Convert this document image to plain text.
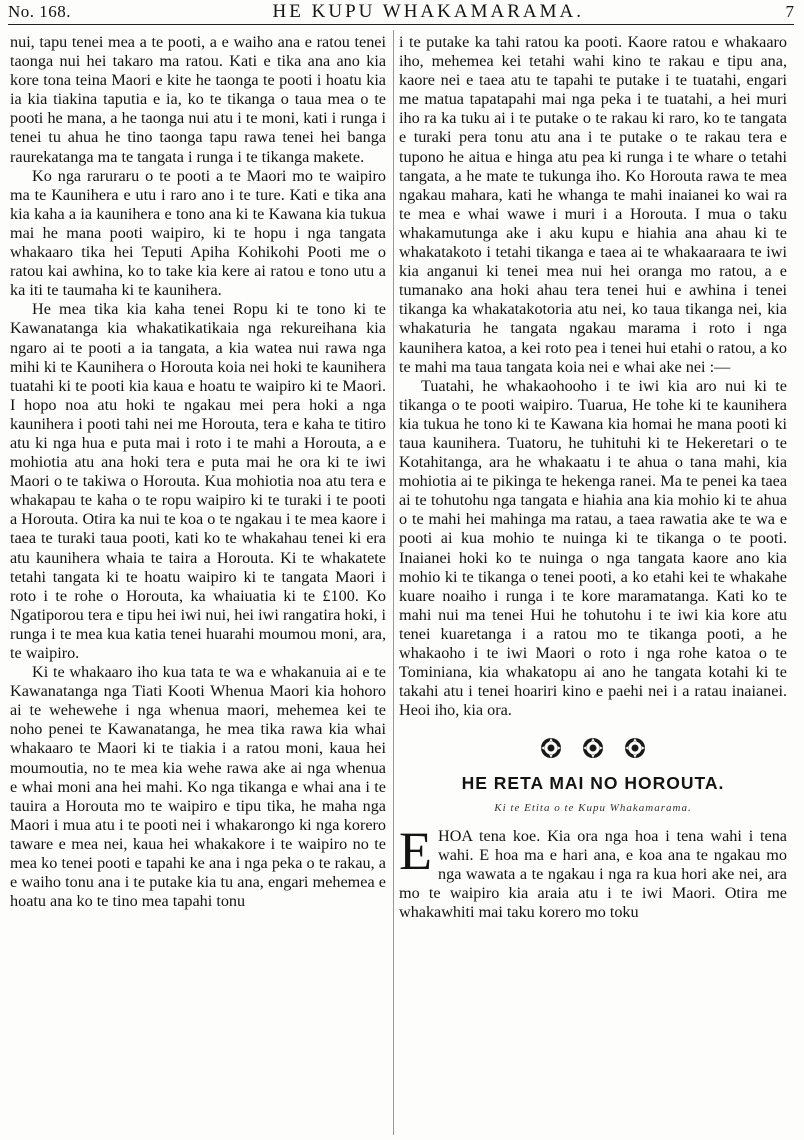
No. 168.	HE KUPU WHAKAMARAMA.	7

nui, tapu tenei mea a te pooti, a e waiho ana e ratou tenei taonga nui hei takaro ma ratou. Kati e tika ana ano kia kore tona teina Maori e kite he taonga te pooti i hoatu kia ia kia tiakina taputia e ia, ko te tikanga o taua mea o te pooti he mana, a he taonga nui atu i te moni, kati i runga i tenei tu ahua he tino taonga tapu rawa tenei hei banga raurekatanga ma te tangata i runga i te tikanga makete.

Ko nga raruraru o te pooti a te Maori mo te waipiro ma te Kaunihera e utu i raro ano i te ture. Kati e tika ana kia kaha a ia kaunihera e tono ana ki te Kawana kia tukua mai he mana pooti waipiro, ki te hopu i nga tangata whakaaro tika hei Teputi Apiha Kohikohi Pooti me o ratou kai awhina, ko to take kia kere ai ratou e tono utu a ka iti te taumaha ki te kaunihera.

He mea tika kia kaha tenei Ropu ki te tono ki te Kawanatanga kia whakatikatikaia nga rekureihana kia ngaro ai te pooti a ia tangata, a kia watea nui rawa nga mihi ki te Kaunihera o Horouta koia nei hoki te kaunihera tuatahi ki te pooti kia kaua e hoatu te waipiro ki te Maori. I hopo noa atu hoki te ngakau mei pera hoki a nga kaunihera i pooti tahi nei me Horouta, tera e kaha te titiro atu ki nga hua e puta mai i roto i te mahi a Horouta, a e mohiotia atu ana hoki tera e puta mai he ora ki te iwi Maori o te takiwa o Horouta. Kua mohiotia noa atu tera e whakapau te kaha o te ropu waipiro ki te turaki i te pooti a Horouta. Otira ka nui te koa o te ngakau i te mea kaore i taea te turaki taua pooti, kati ko te whakahau tenei ki era atu kaunihera whaia te taira a Horouta. Ki te whakatete tetahi tangata ki te hoatu waipiro ki te tangata Maori i roto i te rohe o Horouta, ka whaiuatia ki te £100. Ko Ngatiporou tera e tipu hei iwi nui, hei iwi rangatira hoki, i runga i te mea kua katia tenei huarahi moumou moni, ara, te waipiro.

Ki te whakaaro iho kua tata te wa e whakanuia ai e te Kawanatanga nga Tiati Kooti Whenua Maori kia hohoro ai te wehewehe i nga whenua maori, mehemea kei te noho penei te Kawanatanga, he mea tika rawa kia whai whakaaro te Maori ki te tiakia i a ratou moni, kaua hei moumoutia, no te mea kia wehe rawa ake ai nga whenua e whai moni ana hei mahi. Ko nga tikanga e whai ana i te tauira a Horouta mo te waipiro e tipu tika, he maha nga Maori i mua atu i te pooti nei i whakarongo ki nga korero taware e mea nei, kaua hei whakakore i te waipiro no te mea ko tenei pooti e tapahi ke ana i nga peka o te rakau, a e waiho tonu ana i te putake kia tu ana, engari mehemea e hoatu ana ko te tino mea tapahi tonu

i te putake ka tahi ratou ka pooti. Kaore ratou e whakaaro iho, mehemea kei tetahi wahi kino te rakau e tipu ana, kaore nei e taea atu te tapahi te putake i te tuatahi, engari me matua tapatapahi mai nga peka i te tuatahi, a hei muri iho ra ka tuku ai i te putake o te rakau ki raro, ko te tangata e turaki pera tonu atu ana i te putake o te rakau tera e tupono he aitua e hinga atu pea ki runga i te whare o tetahi tangata, a he mate te tukunga iho. Ko Horouta rawa te mea ngakau mahara, kati he whanga te mahi inaianei ko wai ra te mea e whai wawe i muri i a Horouta. I mua o taku whakamutunga ake i aku kupu e hiahia ana ahau ki te whakatakoto i tetahi tikanga e taea ai te whakaaraara te iwi kia anganui ki tenei mea nui hei oranga mo ratou, a e tumanako ana hoki ahau tera tenei hui e awhina i tenei tikanga ka whakatakotoria atu nei, ko taua tikanga nei, kia whakaturia he tangata ngakau marama i roto i nga kaunihera katoa, a kei roto pea i tenei hui etahi o ratou, a ko te mahi ma taua tangata koia nei e whai ake nei :—

Tuatahi, he whakaohooho i te iwi kia aro nui ki te tikanga o te pooti waipiro. Tuarua, He tohe ki te kaunihera kia tukua he tono ki te Kawana kia homai he mana pooti ki taua kaunihera. Tuatoru, he tuhituhi ki te Hekeretari o te Kotahitanga, ara he whakaatu i te ahua o tana mahi, kia mohiotia ai te pikinga te hekenga ranei. Ma te penei ka taea ai te tohutohu nga tangata e hiahia ana kia mohio ki te ahua o te mahi hei mahinga ma ratau, a taea rawatia ake te wa e pooti ai kua mohio te nuinga ki te tikanga o te pooti. Inaianei hoki ko te nuinga o nga tangata kaore ano kia mohio ki te tikanga o tenei pooti, a ko etahi kei te whakahe kuare noaiho i runga i te kore maramatanga. Kati ko te mahi nui ma tenei Hui he tohutohu i te iwi kia kore atu tenei kuaretanga i a ratou mo te tikanga pooti, a he whakaoho i te iwi Maori o roto i nga rohe katoa o te Tominiana, kia whakatopu ai ano he tangata kotahi ki te takahi atu i tenei hoariri kino e paehi nei i a ratau inaianei. Heoi iho, kia ora.

HE RETA MAI NO HOROUTA.
Ki te Etita o te Kupu Whakamarama.

EHOA tena koe. Kia ora nga hoa i tena wahi i tena wahi. E hoa ma e hari ana, e koa ana te ngakau mo nga wawata a te ngakau i nga ra kua hori ake nei, ara mo te waipiro kia araia atu i te iwi Maori. Otira me whakawhiti mai taku korero mo toku
